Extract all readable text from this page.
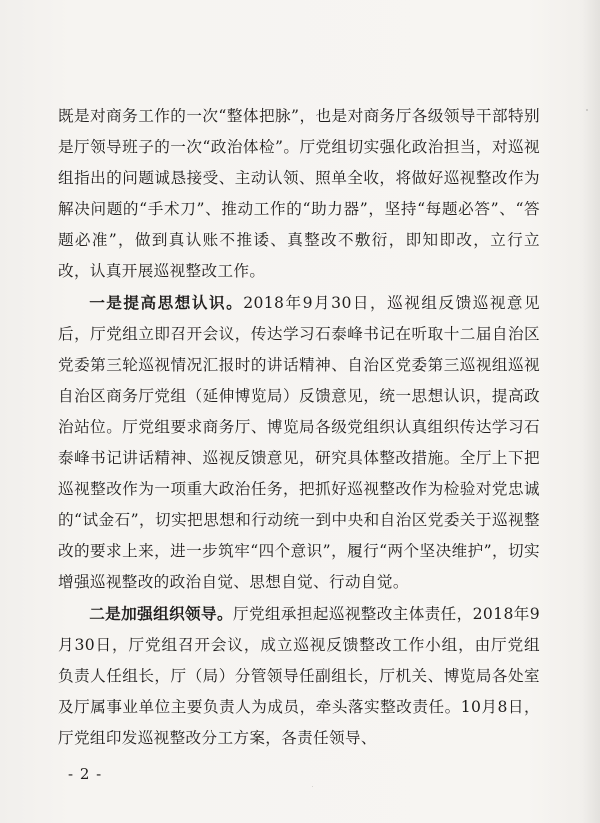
既是对商务工作的一次“整体把脉”，也是对商务厅各级领导干部特别是厅领导班子的一次“政治体检”。厅党组切实强化政治担当，对巡视组指出的问题诚恳接受、主动认领、照单全收，将做好巡视整改作为解决问题的“手术刀”、推动工作的“助力器”，坚持“每题必答”、“答题必准”，做到真认账不推诿、真整改不敷衍，即知即改，立行立改，认真开展巡视整改工作。

一是提高思想认识。2018年9月30日，巡视组反馈巡视意见后，厅党组立即召开会议，传达学习石泰峰书记在听取十二届自治区党委第三轮巡视情况汇报时的讲话精神、自治区党委第三巡视组巡视自治区商务厅党组（延伸博览局）反馈意见，统一思想认识，提高政治站位。厅党组要求商务厅、博览局各级党组织认真组织传达学习石泰峰书记讲话精神、巡视反馈意见，研究具体整改措施。全厅上下把巡视整改作为一项重大政治任务，把抓好巡视整改作为检验对党忠诚的“试金石”，切实把思想和行动统一到中央和自治区党委关于巡视整改的要求上来，进一步筑牢“四个意识”，履行“两个坚决维护”，切实增强巡视整改的政治自觉、思想自觉、行动自觉。

二是加强组织领导。厅党组承担起巡视整改主体责任，2018年9月30日，厅党组召开会议，成立巡视反馈整改工作小组，由厅党组负责人任组长，厅（局）分管领导任副组长，厅机关、博览局各处室及厅属事业单位主要负责人为成员，牵头落实整改责任。10月8日，厅党组印发巡视整改分工方案，各责任领导、

- 2 -
